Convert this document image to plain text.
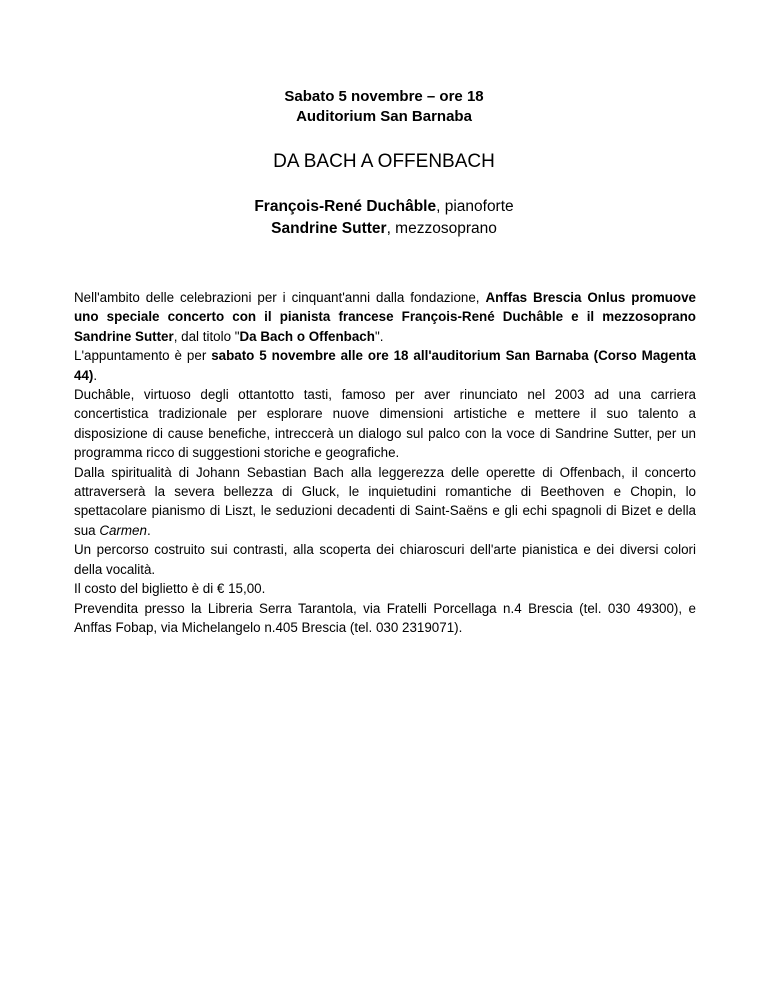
Sabato 5 novembre – ore 18
Auditorium San Barnaba
DA BACH A OFFENBACH
François-René Duchâble, pianoforte
Sandrine Sutter, mezzosoprano

Nell'ambito delle celebrazioni per i cinquant'anni dalla fondazione, Anffas Brescia Onlus promuove uno speciale concerto con il pianista francese François-René Duchâble e il mezzosoprano Sandrine Sutter, dal titolo "Da Bach o Offenbach".

L'appuntamento è per sabato 5 novembre alle ore 18 all'auditorium San Barnaba (Corso Magenta 44).

Duchâble, virtuoso degli ottantotto tasti, famoso per aver rinunciato nel 2003 ad una carriera concertistica tradizionale per esplorare nuove dimensioni artistiche e mettere il suo talento a disposizione di cause benefiche, intreccerà un dialogo sul palco con la voce di Sandrine Sutter, per un programma ricco di suggestioni storiche e geografiche.

Dalla spiritualità di Johann Sebastian Bach alla leggerezza delle operette di Offenbach, il concerto attraverserà la severa bellezza di Gluck, le inquietudini romantiche di Beethoven e Chopin, lo spettacolare pianismo di Liszt, le seduzioni decadenti di Saint-Saëns e gli echi spagnoli di Bizet e della sua Carmen.

Un percorso costruito sui contrasti, alla scoperta dei chiaroscuri dell'arte pianistica e dei diversi colori della vocalità.

Il costo del biglietto è di € 15,00.

Prevendita presso la Libreria Serra Tarantola, via Fratelli Porcellaga n.4 Brescia (tel. 030 49300), e Anffas Fobap, via Michelangelo n.405 Brescia (tel. 030 2319071).
